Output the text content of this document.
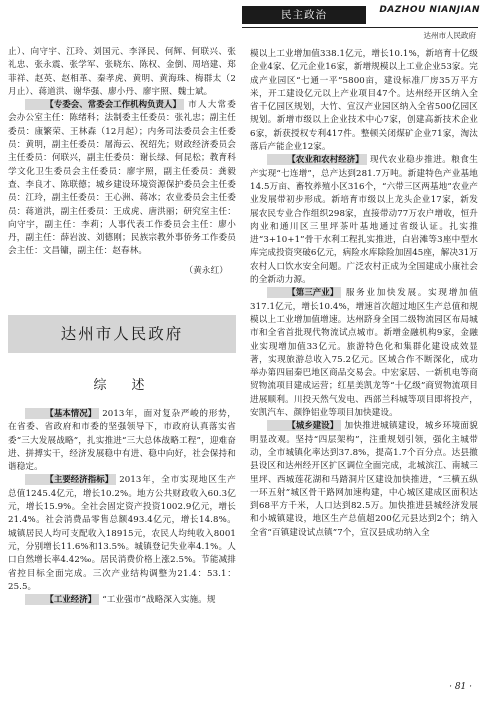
民主政治	DAZHOU NIANJIAN
达州市人民政府

止）、向守宇、江玲、刘国元、李泽民、何辉、何联兴、张礼忠、张永震、张学军、张晓东、陈权、金倒、周培建、郑菲祥、赵英、赵相革、秦孝虎、黄明、黄海珠、梅群太（2月止）、蒋道洪、谢华强、廖小丹、廖宇照、魏士斌。

【专委会、常委会工作机构负责人】 市人大常委会办公室主任：陈绪科；法制委主任委员：张礼忠；副主任委员：康繁荣、王林森（12月起）；内务司法委员会主任委员：黄明，副主任委员：屠海云、祝绍先；财政经济委员会主任委员：何联兴，副主任委员：谢长绿、何昆松；教育科学文化卫生委员会主任委员：廖宇照，副主任委员：龚毅查、李良才、陈联德；城乡建设环境资源保护委员会主任委员：江玲，副主任委员：王心洲、蒋冰；农业委员会主任委员：蒋道洪，副主任委员：王成虎、唐洪丽；研究室主任：向守宇，副主任：李莉；人事代表工作委员会主任：廖小丹，副主任：薛岩波、刘德刚；民族宗教外事侨务工作委员会主任：文昌镛，副主任：赵春林。

（黄永红）
达州市人民政府
综　述

【基本情况】 2013年，面对复杂严峻的形势，在省委、省政府和市委的坚强领导下，市政府认真落实省委“三大发展战略”，扎实推进“三大总体战略工程”，迎难奋进、拼搏实干，经济发展稳中有进、稳中向好，社会保持和谐稳定。

【主要经济指标】 2013年，全市实现地区生产总值1245.4亿元，增长10.2%。地方公共财政收入60.3亿元，增长15.9%。全社会固定资产投资1002.9亿元，增长21.4%。社会消费品零售总额493.4亿元，增长14.8%。城镇居民人均可支配收入18915元，农民人均纯收入8001元，分别增长11.6%和13.5%。城镇登记失业率4.1%。人口自然增长率4.42‰。居民消费价格上涨2.5%。节能减排省控目标全面完成。三次产业结构调整为21.4：53.1：25.5。

【工业经济】 “工业强市”战略深入实施。规

模以上工业增加值338.1亿元，增长10.1%，新培育十亿级企业4家、亿元企业16家，新增规模以上工业企业53家。完成产业园区“七通一平”5800亩，建设标准厂房35万平方米，开工建设亿元以上产业项目47个。达州经开区纳入全省千亿园区规划，大竹、宣汉产业园区纳入全省500亿园区规划。新增市级以上企业技术中心7家，创建高新技术企业6家，新获授权专利417件。整顿关闭煤矿企业71家，淘汰落后产能企业12家。

【农业和农村经济】 现代农业稳步推进。粮食生产实现“七连增”，总产达到281.7万吨。新建特色产业基地14.5万亩、畜牧养殖小区316个，“六带三区两基地”农业产业发展带初步形成。新培育市级以上龙头企业17家，新发展农民专业合作组织298家，直接带动77万农户增收，恒升肉业和通川区三里坪茶叶基地通过省级认证。扎实推进“3+10+1”骨干水利工程扎实推进，白岩滩等3座中型水库完成投资突破6亿元，病险水库除险加固45座，解决31万农村人口饮水安全问题。广泛农村正成为全国建成小康社会的全新动力源。

【第三产业】 服务业加快发展。实现增加值317.1亿元，增长10.4%，增速首次超过地区生产总值和规模以上工业增加值增速。达州跻身全国二级物流园区布局城市和全省首批现代物流试点城市。新增金融机构9家，金融业实现增加值33亿元。旅游特色化和集群化建设成效显著，实现旅游总收入75.2亿元。区域合作不断深化，成功举办第四届秦巴地区商品交易会。中宏家居、一新机电等商贸物流项目建成运营；红星美凯龙等“十亿级”商贸物流项目进展顺利。川投天然气发电、西部兰科城等项目即将投产，安凯汽车、颜铮铝业等项目加快建设。

【城乡建设】 加快推进城镇建设，城乡环境面貌明显改观。坚持“四层架构”，注重规划引领，强化主城带动，全市城镇化率达到37.8%，提高1.7个百分点。达县撤县设区和达州经开区扩区调位全面完成，北城滨江、南城三里坪、西城莲花湖和马踏洞片区建设加快推进，“三横五纵一环五射”城区骨干路网加速构建，中心城区建成区面积达到68平方千米，人口达到82.5万。加快推进县城经济发展和小城镇建设，地区生产总值超200亿元县达到2个；纳入全省“百镇建设试点镇”7个，宣汉县成功纳入全

· 81 ·
